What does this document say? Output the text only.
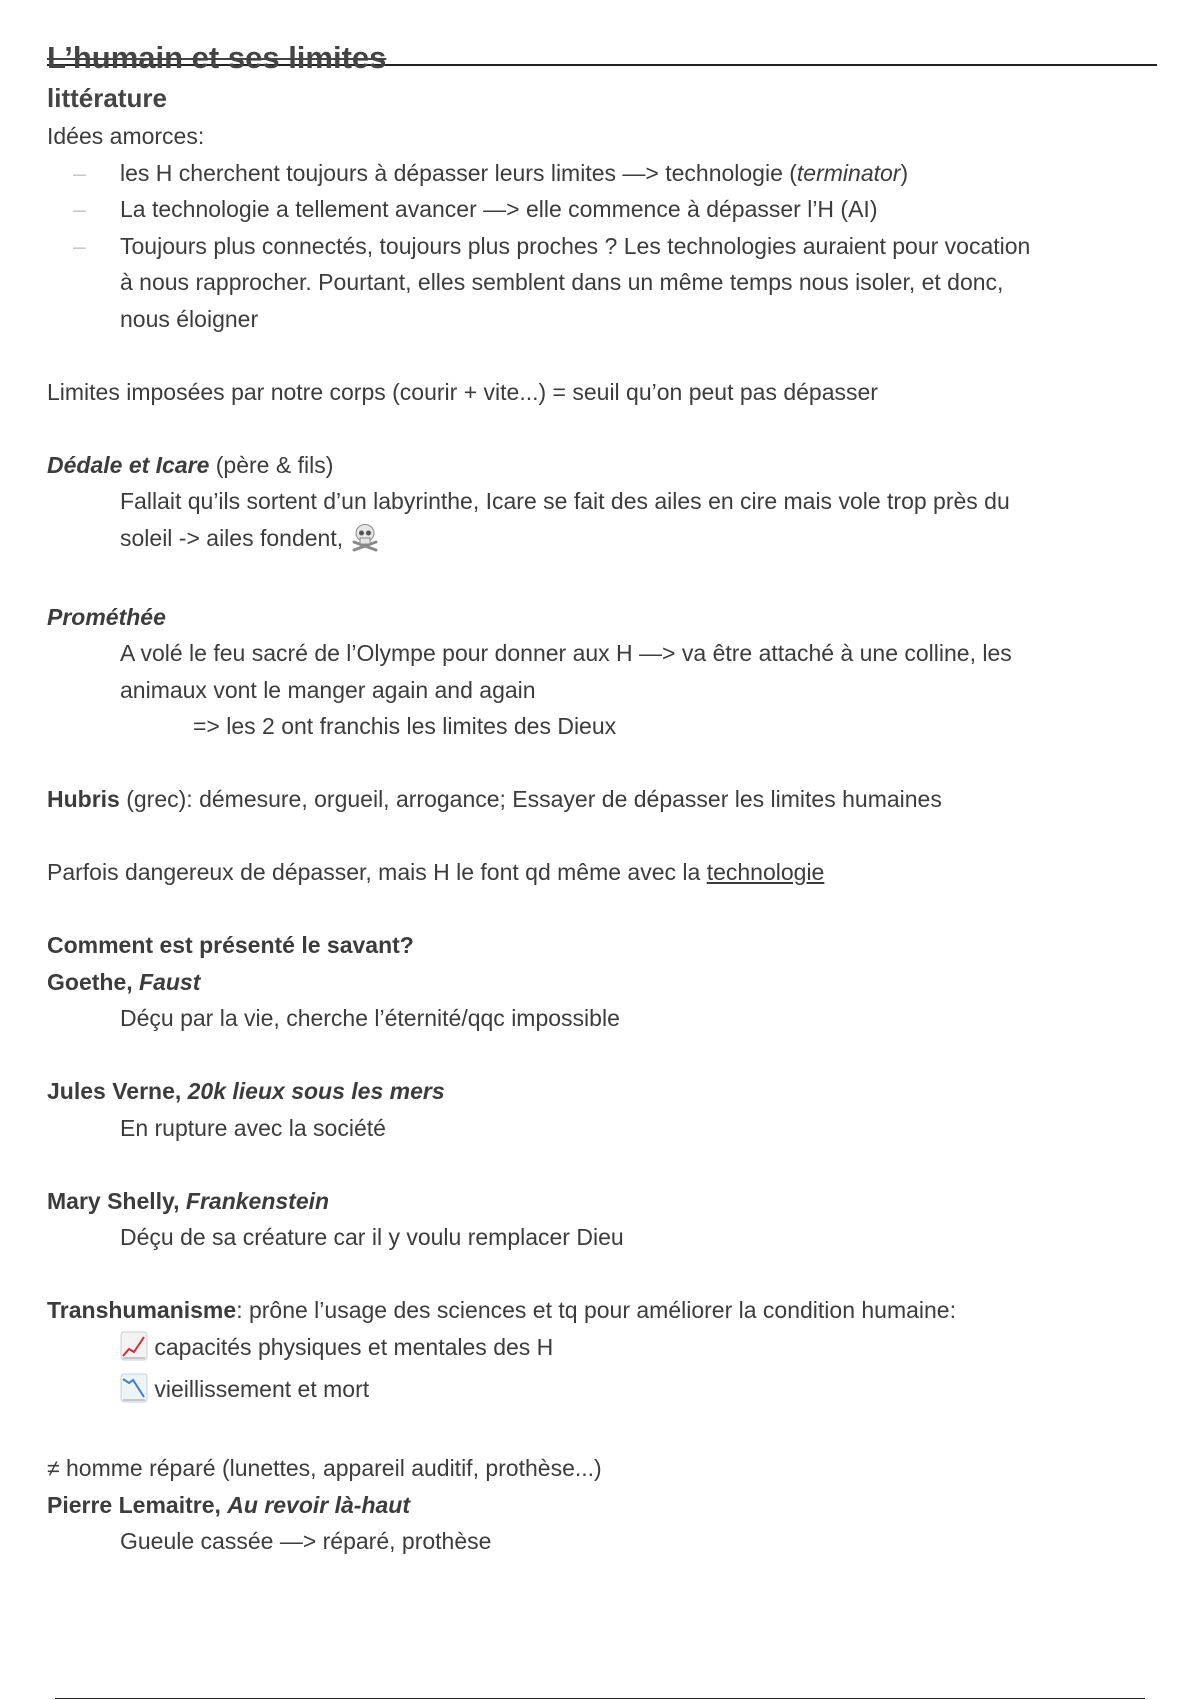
L’humain et ses limites
littérature
Idées amorces:
– les H cherchent toujours à dépasser leurs limites —> technologie (terminator)
– La technologie a tellement avancer —> elle commence à dépasser l’H (AI)
– Toujours plus connectés, toujours plus proches ? Les technologies auraient pour vocation
à nous rapprocher. Pourtant, elles semblent dans un même temps nous isoler, et donc,
nous éloigner
Limites imposées par notre corps (courir + vite...) = seuil qu’on peut pas dépasser
Dédale et Icare (père & fils)
Fallait qu’ils sortent d’un labyrinthe, Icare se fait des ailes en cire mais vole trop près du
soleil -> ailes fondent,
Prométhée
A volé le feu sacré de l’Olympe pour donner aux H —> va être attaché à une colline, les
animaux vont le manger again and again
=> les 2 ont franchis les limites des Dieux
Hubris (grec): démesure, orgueil, arrogance; Essayer de dépasser les limites humaines
Parfois dangereux de dépasser, mais H le font qd même avec la technologie
Comment est présenté le savant?
Goethe, Faust
Déçu par la vie, cherche l’éternité/qqc impossible
Jules Verne, 20k lieux sous les mers
En rupture avec la société
Mary Shelly, Frankenstein
Déçu de sa créature car il y voulu remplacer Dieu
Transhumanisme: prône l’usage des sciences et tq pour améliorer la condition humaine:
capacités physiques et mentales des H
vieillissement et mort
≠ homme réparé (lunettes, appareil auditif, prothèse...)
Pierre Lemaitre, Au revoir là-haut
Gueule cassée —> réparé, prothèse
